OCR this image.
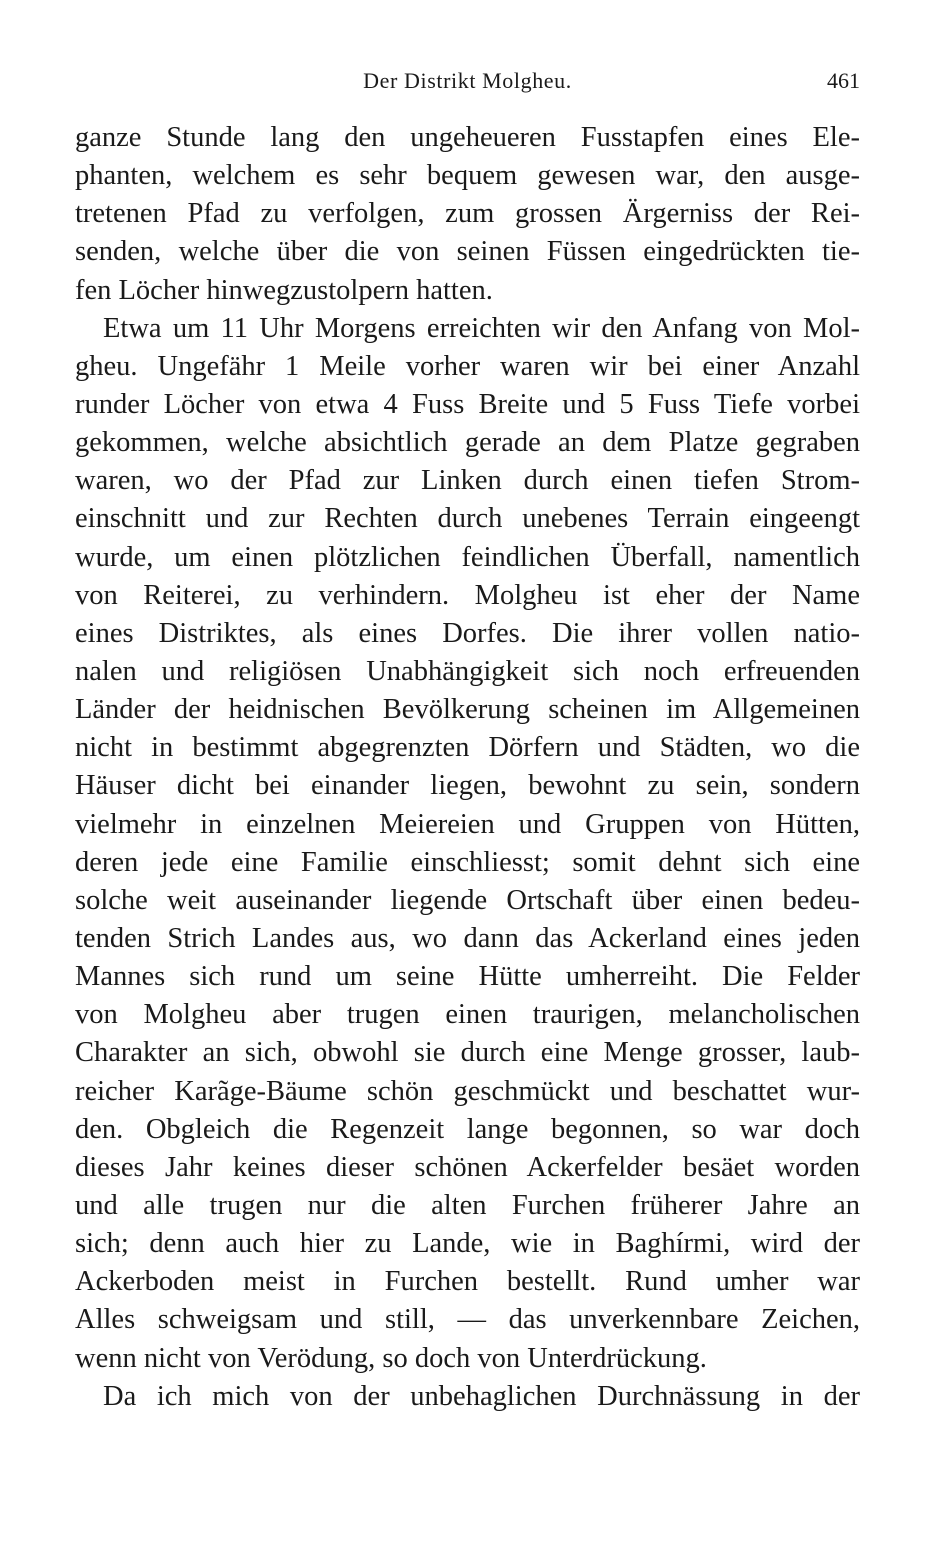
Der Distrikt Molgheu.	461
ganze Stunde lang den ungeheueren Fusstapfen eines Ele-
phanten, welchem es sehr bequem gewesen war, den ausge-
tretenen Pfad zu verfolgen, zum grossen Ärgerniss der Rei-
senden, welche über die von seinen Füssen eingedrückten tie-
fen Löcher hinwegzustolpern hatten.
Etwa um 11 Uhr Morgens erreichten wir den Anfang von Mol-
gheu. Ungefähr 1 Meile vorher waren wir bei einer Anzahl
runder Löcher von etwa 4 Fuss Breite und 5 Fuss Tiefe vorbei
gekommen, welche absichtlich gerade an dem Platze gegraben
waren, wo der Pfad zur Linken durch einen tiefen Strom-
einschnitt und zur Rechten durch unebenes Terrain eingeengt
wurde, um einen plötzlichen feindlichen Überfall, namentlich
von Reiterei, zu verhindern. Molgheu ist eher der Name
eines Distriktes, als eines Dorfes. Die ihrer vollen natio-
nalen und religiösen Unabhängigkeit sich noch erfreuenden
Länder der heidnischen Bevölkerung scheinen im Allgemeinen
nicht in bestimmt abgegrenzten Dörfern und Städten, wo die
Häuser dicht bei einander liegen, bewohnt zu sein, sondern
vielmehr in einzelnen Meiereien und Gruppen von Hütten,
deren jede eine Familie einschliesst; somit dehnt sich eine
solche weit auseinander liegende Ortschaft über einen bedeu-
tenden Strich Landes aus, wo dann das Ackerland eines jeden
Mannes sich rund um seine Hütte umherreiht. Die Felder
von Molgheu aber trugen einen traurigen, melancholischen
Charakter an sich, obwohl sie durch eine Menge grosser, laub-
reicher Karãge-Bäume schön geschmückt und beschattet wur-
den. Obgleich die Regenzeit lange begonnen, so war doch
dieses Jahr keines dieser schönen Ackerfelder besäet worden
und alle trugen nur die alten Furchen früherer Jahre an
sich; denn auch hier zu Lande, wie in Baghírmi, wird der
Ackerboden meist in Furchen bestellt. Rund umher war
Alles schweigsam und still, — das unverkennbare Zeichen,
wenn nicht von Verödung, so doch von Unterdrückung.
Da ich mich von der unbehaglichen Durchnässung in der
